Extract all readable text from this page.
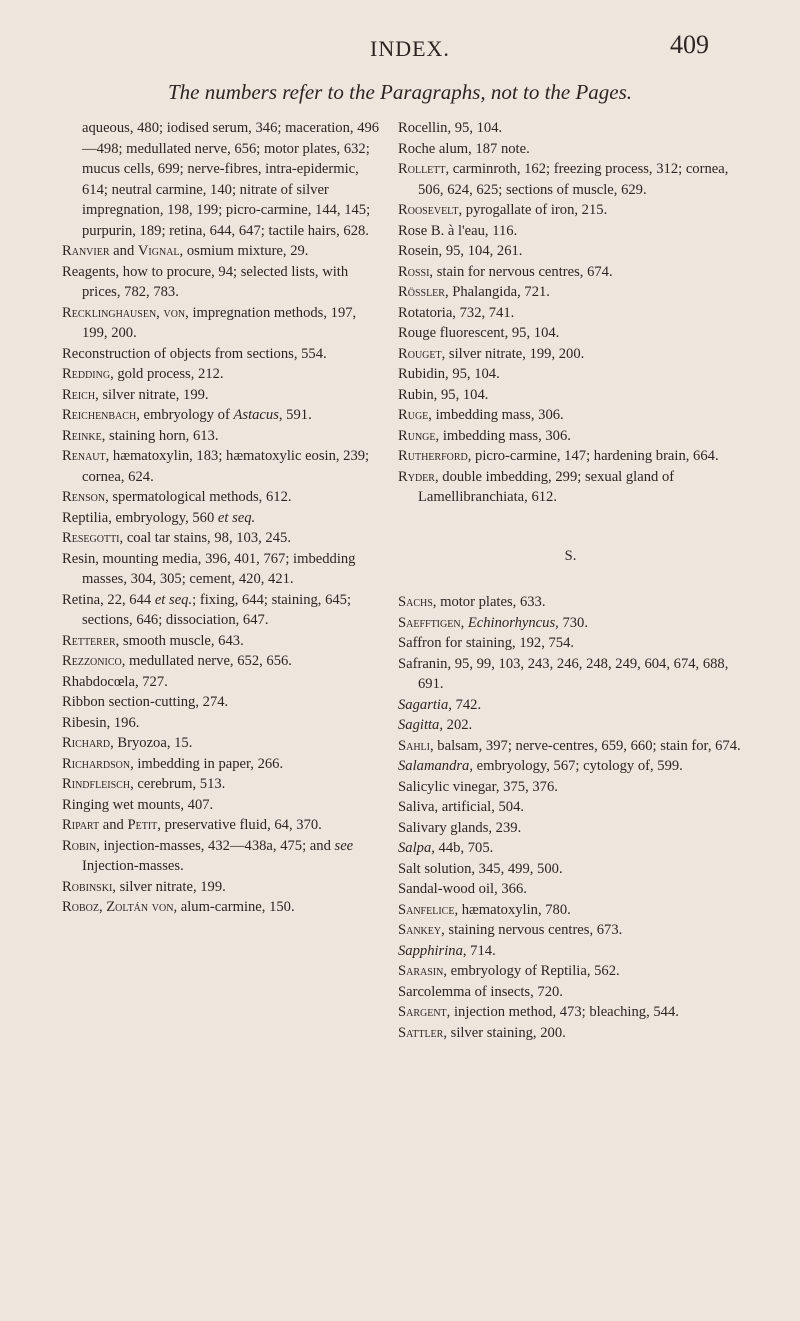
INDEX.	409
The numbers refer to the Paragraphs, not to the Pages.

aqueous, 480; iodised serum, 346; maceration, 496—498; medullated nerve, 656; motor plates, 632; mucus cells, 699; nerve-fibres, intra-epidermic, 614; neutral carmine, 140; nitrate of silver impregnation, 198, 199; picro-carmine, 144, 145; purpurin, 189; retina, 644, 647; tactile hairs, 628.

Ranvier and Vignal, osmium mixture, 29.

Reagents, how to procure, 94; selected lists, with prices, 782, 783.

Recklinghausen, von, impregnation methods, 197, 199, 200.

Reconstruction of objects from sections, 554.

Redding, gold process, 212.

Reich, silver nitrate, 199.

Reichenbach, embryology of Astacus, 591.

Reinke, staining horn, 613.

Renaut, hæmatoxylin, 183; hæmatoxylic eosin, 239; cornea, 624.

Renson, spermatological methods, 612.

Reptilia, embryology, 560 et seq.

Resegotti, coal tar stains, 98, 103, 245.

Resin, mounting media, 396, 401, 767; imbedding masses, 304, 305; cement, 420, 421.

Retina, 22, 644 et seq.; fixing, 644; staining, 645; sections, 646; dissociation, 647.

Retterer, smooth muscle, 643.

Rezzonico, medullated nerve, 652, 656.

Rhabdocœla, 727.

Ribbon section-cutting, 274.

Ribesin, 196.

Richard, Bryozoa, 15.

Richardson, imbedding in paper, 266.

Rindfleisch, cerebrum, 513.

Ringing wet mounts, 407.

Ripart and Petit, preservative fluid, 64, 370.

Robin, injection-masses, 432—438a, 475; and see Injection-masses.

Robinski, silver nitrate, 199.

Roboz, Zoltán von, alum-carmine, 150.

Rocellin, 95, 104.

Roche alum, 187 note.

Rollett, carminroth, 162; freezing process, 312; cornea, 506, 624, 625; sections of muscle, 629.

Roosevelt, pyrogallate of iron, 215.

Rose B. à l'eau, 116.

Rosein, 95, 104, 261.

Rossi, stain for nervous centres, 674.

Rössler, Phalangida, 721.

Rotatoria, 732, 741.

Rouge fluorescent, 95, 104.

Rouget, silver nitrate, 199, 200.

Rubidin, 95, 104.

Rubin, 95, 104.

Ruge, imbedding mass, 306.

Runge, imbedding mass, 306.

Rutherford, picro-carmine, 147; hardening brain, 664.

Ryder, double imbedding, 299; sexual gland of Lamellibranchiata, 612.

S.

Sachs, motor plates, 633.

Saefftigen, Echinorhyncus, 730.

Saffron for staining, 192, 754.

Safranin, 95, 99, 103, 243, 246, 248, 249, 604, 674, 688, 691.

Sagartia, 742.

Sagitta, 202.

Sahli, balsam, 397; nerve-centres, 659, 660; stain for, 674.

Salamandra, embryology, 567; cytology of, 599.

Salicylic vinegar, 375, 376.

Saliva, artificial, 504.

Salivary glands, 239.

Salpa, 44b, 705.

Salt solution, 345, 499, 500.

Sandal-wood oil, 366.

Sanfelice, hæmatoxylin, 780.

Sankey, staining nervous centres, 673.

Sapphirina, 714.

Sarasin, embryology of Reptilia, 562.

Sarcolemma of insects, 720.

Sargent, injection method, 473; bleaching, 544.

Sattler, silver staining, 200.
